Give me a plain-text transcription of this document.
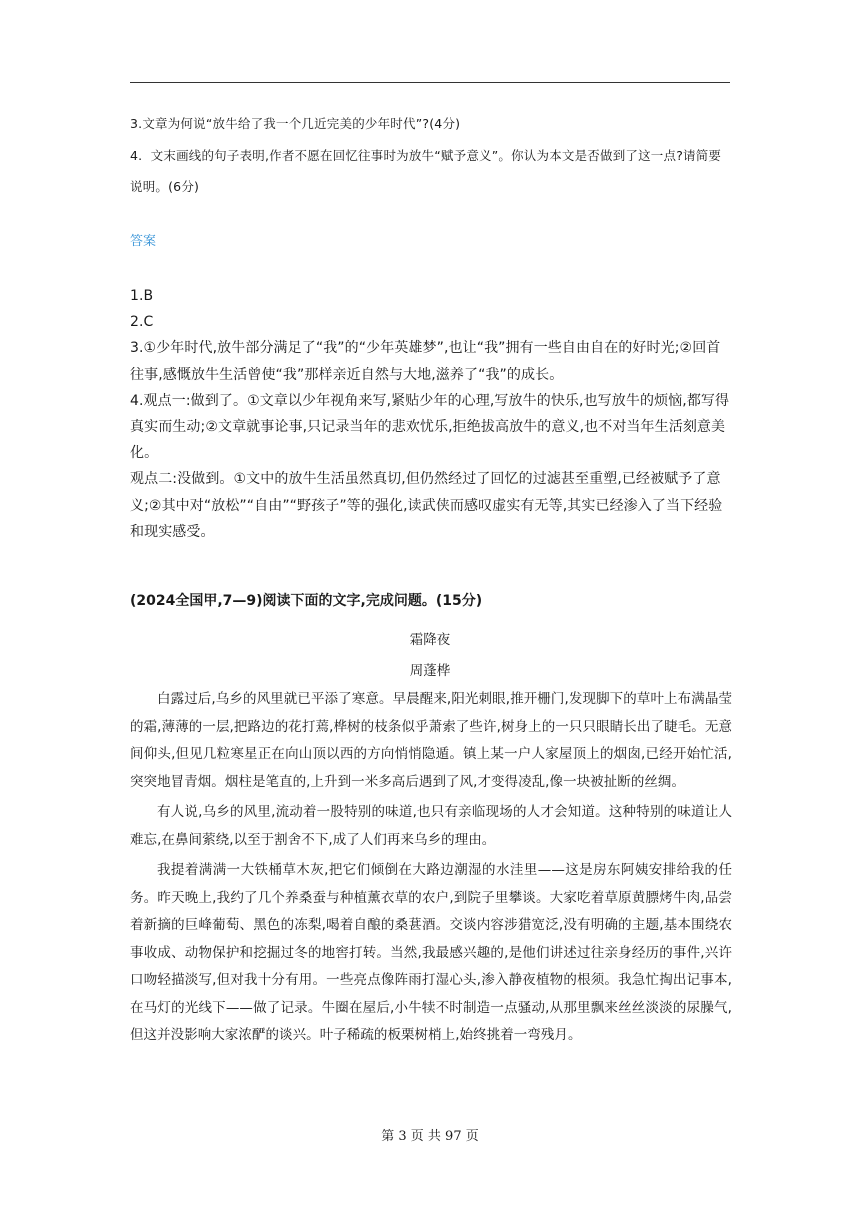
3.文章为何说“放牛给了我一个几近完美的少年时代”?(4分)
4.  文末画线的句子表明,作者不愿在回忆往事时为放牛“赋予意义”。你认为本文是否做到了这一点?请简要说明。(6分)
答案

1.B

2.C

3.①少年时代,放牛部分满足了“我”的“少年英雄梦”,也让“我”拥有一些自由自在的好时光;②回首往事,感慨放牛生活曾使“我”那样亲近自然与大地,滋养了“我”的成长。

4.观点一:做到了。①文章以少年视角来写,紧贴少年的心理,写放牛的快乐,也写放牛的烦恼,都写得真实而生动;②文章就事论事,只记录当年的悲欢忧乐,拒绝拔高放牛的意义,也不对当年生活刻意美化。

观点二:没做到。①文中的放牛生活虽然真切,但仍然经过了回忆的过滤甚至重塑,已经被赋予了意义;②其中对“放松”“自由”“野孩子”等的强化,读武侠而感叹虚实有无等,其实已经渗入了当下经验和现实感受。

(2024全国甲,7—9)阅读下面的文字,完成问题。(15分)
霜降夜
周蓬桦

白露过后,乌乡的风里就已平添了寒意。早晨醒来,阳光刺眼,推开栅门,发现脚下的草叶上布满晶莹的霜,薄薄的一层,把路边的花打蔫,桦树的枝条似乎萧索了些许,树身上的一只只眼睛长出了睫毛。无意间仰头,但见几粒寒星正在向山顶以西的方向悄悄隐遁。镇上某一户人家屋顶上的烟囱,已经开始忙活,突突地冒青烟。烟柱是笔直的,上升到一米多高后遇到了风,才变得凌乱,像一块被扯断的丝绸。

有人说,乌乡的风里,流动着一股特别的味道,也只有亲临现场的人才会知道。这种特别的味道让人难忘,在鼻间萦绕,以至于割舍不下,成了人们再来乌乡的理由。

我提着满满一大铁桶草木灰,把它们倾倒在大路边潮湿的水洼里——这是房东阿姨安排给我的任务。昨天晚上,我约了几个养桑蚕与种植薰衣草的农户,到院子里攀谈。大家吃着草原黄膘烤牛肉,品尝着新摘的巨峰葡萄、黑色的冻梨,喝着自酿的桑葚酒。交谈内容涉猎宽泛,没有明确的主题,基本围绕农事收成、动物保护和挖掘过冬的地窖打转。当然,我最感兴趣的,是他们讲述过往亲身经历的事件,兴许口吻轻描淡写,但对我十分有用。一些亮点像阵雨打湿心头,渗入静夜植物的根须。我急忙掏出记事本,在马灯的光线下——做了记录。牛圈在屋后,小牛犊不时制造一点骚动,从那里飘来丝丝淡淡的尿臊气,但这并没影响大家浓酽的谈兴。叶子稀疏的板栗树梢上,始终挑着一弯残月。

第 3 页 共 97 页
